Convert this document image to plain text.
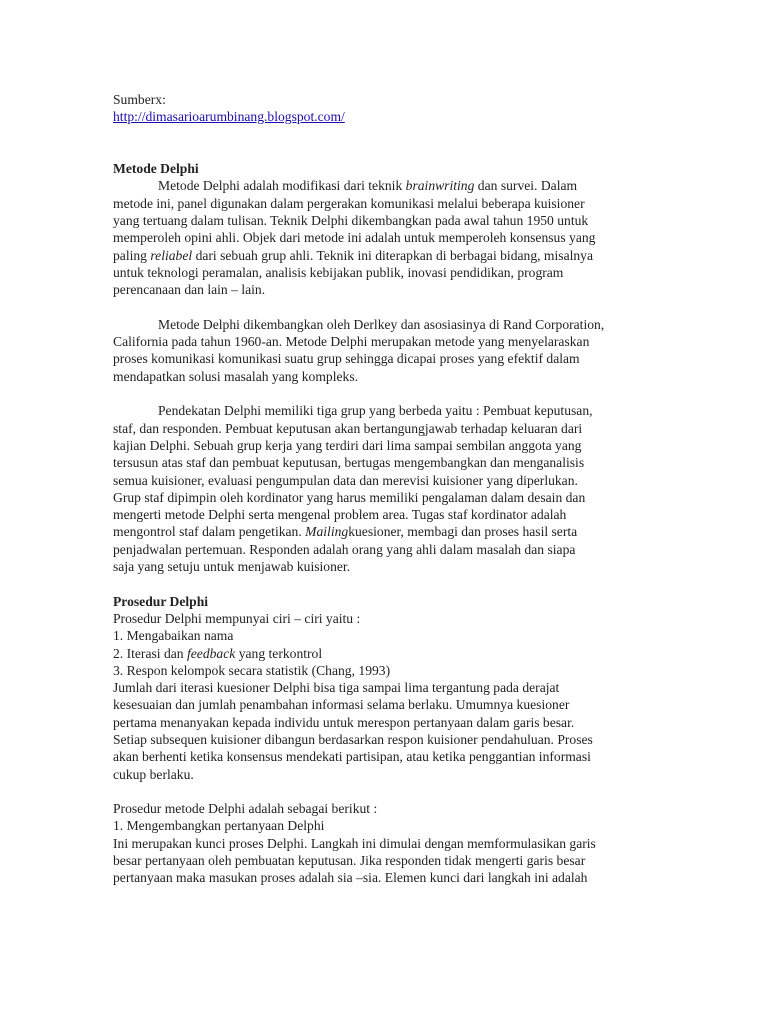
Sumberx:
http://dimasarioarumbinang.blogspot.com/
Metode Delphi
Metode Delphi adalah modifikasi dari teknik brainwriting dan survei. Dalam
metode ini, panel digunakan dalam pergerakan komunikasi melalui beberapa kuisioner
yang tertuang dalam tulisan. Teknik Delphi dikembangkan pada awal tahun 1950 untuk
memperoleh opini ahli. Objek dari metode ini adalah untuk memperoleh konsensus yang
paling reliabel dari sebuah grup ahli. Teknik ini diterapkan di berbagai bidang, misalnya
untuk teknologi peramalan, analisis kebijakan publik, inovasi pendidikan, program
perencanaan dan lain – lain.
Metode Delphi dikembangkan oleh Derlkey dan asosiasinya di Rand Corporation,
California pada tahun 1960-an. Metode Delphi merupakan metode yang menyelaraskan
proses komunikasi komunikasi suatu grup sehingga dicapai proses yang efektif dalam
mendapatkan solusi masalah yang kompleks.
Pendekatan Delphi memiliki tiga grup yang berbeda yaitu : Pembuat keputusan,
staf, dan responden. Pembuat keputusan akan bertangungjawab terhadap keluaran dari
kajian Delphi. Sebuah grup kerja yang terdiri dari lima sampai sembilan anggota yang
tersusun atas staf dan pembuat keputusan, bertugas mengembangkan dan menganalisis
semua kuisioner, evaluasi pengumpulan data dan merevisi kuisioner yang diperlukan.
Grup staf dipimpin oleh kordinator yang harus memiliki pengalaman dalam desain dan
mengerti metode Delphi serta mengenal problem area. Tugas staf kordinator adalah
mengontrol staf dalam pengetikan. Mailingkuesioner, membagi dan proses hasil serta
penjadwalan pertemuan. Responden adalah orang yang ahli dalam masalah dan siapa
saja yang setuju untuk menjawab kuisioner.
Prosedur Delphi
Prosedur Delphi mempunyai ciri – ciri yaitu :
1. Mengabaikan nama
2. Iterasi dan feedback yang terkontrol
3. Respon kelompok secara statistik (Chang, 1993)
Jumlah dari iterasi kuesioner Delphi bisa tiga sampai lima tergantung pada derajat
kesesuaian dan jumlah penambahan informasi selama berlaku. Umumnya kuesioner
pertama menanyakan kepada individu untuk merespon pertanyaan dalam garis besar.
Setiap subsequen kuisioner dibangun berdasarkan respon kuisioner pendahuluan. Proses
akan berhenti ketika konsensus mendekati partisipan, atau ketika penggantian informasi
cukup berlaku.
Prosedur metode Delphi adalah sebagai berikut :
1. Mengembangkan pertanyaan Delphi
Ini merupakan kunci proses Delphi. Langkah ini dimulai dengan memformulasikan garis
besar pertanyaan oleh pembuatan keputusan. Jika responden tidak mengerti garis besar
pertanyaan maka masukan proses adalah sia –sia. Elemen kunci dari langkah ini adalah
